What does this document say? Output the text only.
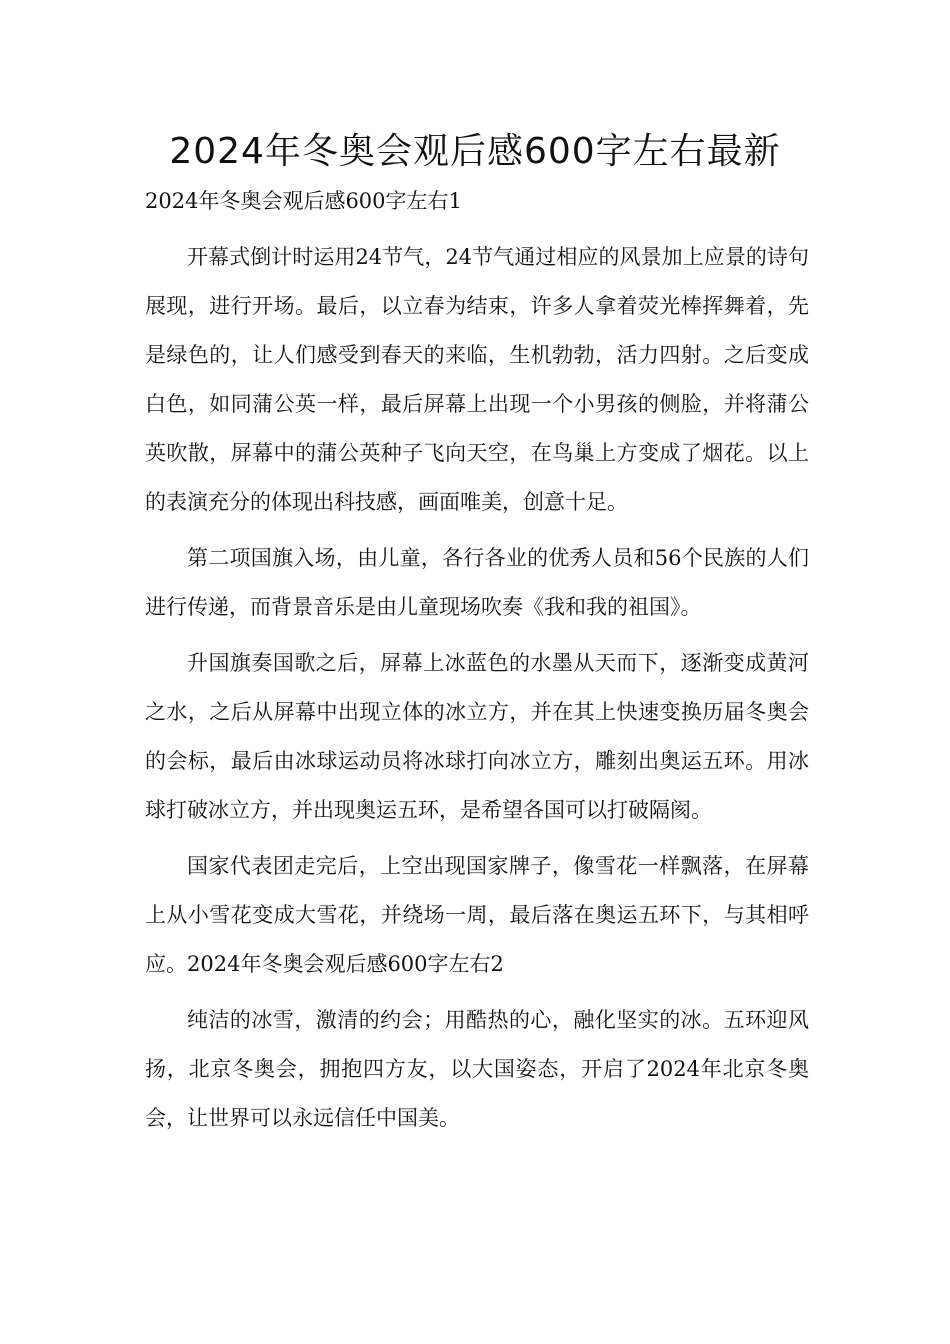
2024年冬奥会观后感600字左右最新

2024年冬奥会观后感600字左右1

开幕式倒计时运用24节气，24节气通过相应的风景加上应景的诗句展现，进行开场。最后，以立春为结束，许多人拿着荧光棒挥舞着，先是绿色的，让人们感受到春天的来临，生机勃勃，活力四射。之后变成白色，如同蒲公英一样，最后屏幕上出现一个小男孩的侧脸，并将蒲公英吹散，屏幕中的蒲公英种子飞向天空，在鸟巢上方变成了烟花。以上的表演充分的体现出科技感，画面唯美，创意十足。

第二项国旗入场，由儿童，各行各业的优秀人员和56个民族的人们进行传递，而背景音乐是由儿童现场吹奏《我和我的祖国》。

升国旗奏国歌之后，屏幕上冰蓝色的水墨从天而下，逐渐变成黄河之水，之后从屏幕中出现立体的冰立方，并在其上快速变换历届冬奥会的会标，最后由冰球运动员将冰球打向冰立方，雕刻出奥运五环。用冰球打破冰立方，并出现奥运五环，是希望各国可以打破隔阂。

国家代表团走完后，上空出现国家牌子，像雪花一样飘落，在屏幕上从小雪花变成大雪花，并绕场一周，最后落在奥运五环下，与其相呼应。2024年冬奥会观后感600字左右2

纯洁的冰雪，激清的约会；用酷热的心，融化坚实的冰。五环迎风扬，北京冬奥会，拥抱四方友，以大国姿态，开启了2024年北京冬奥会，让世界可以永远信任中国美。
